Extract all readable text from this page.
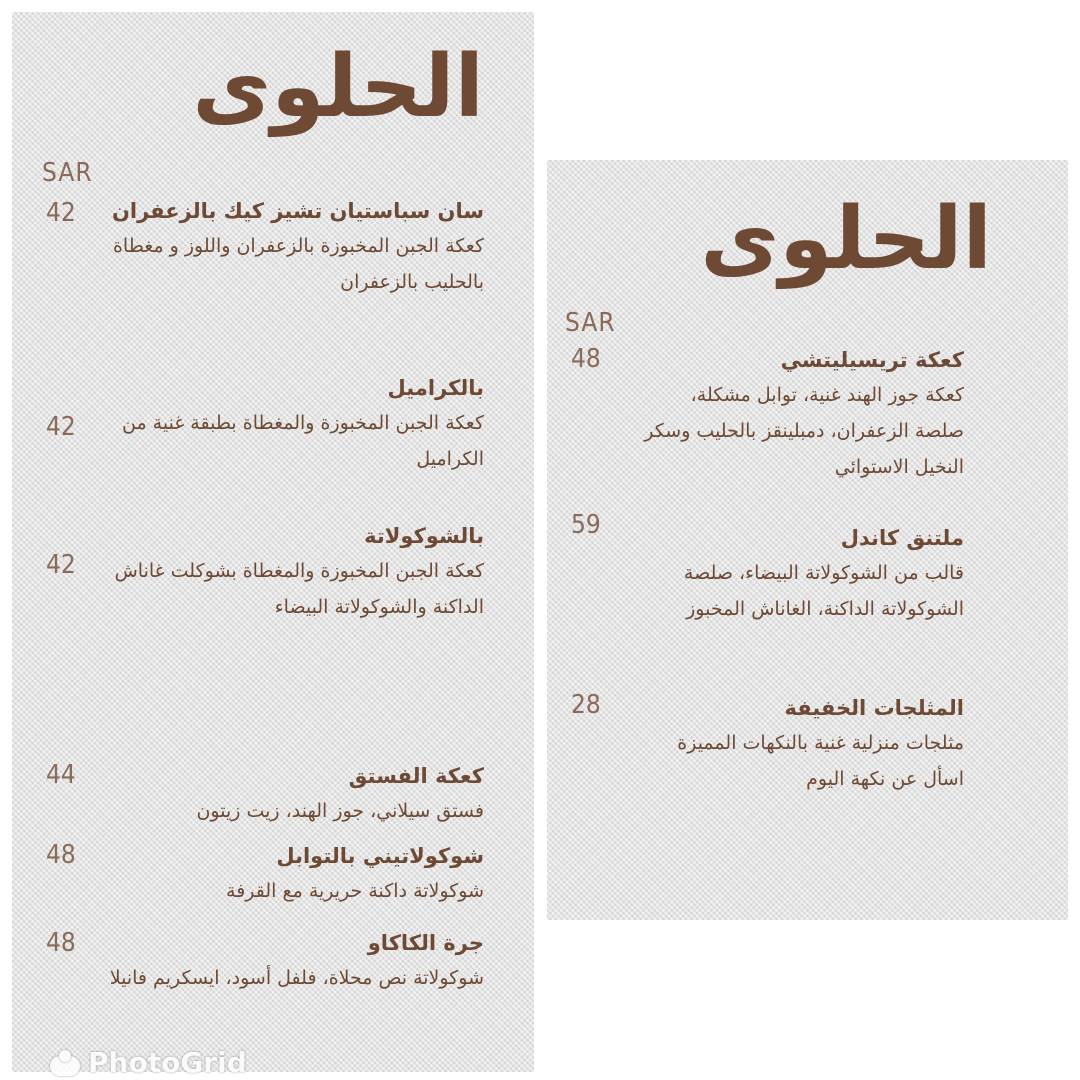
الحلوى
SAR
سان سباستيان تشيز كيك بالزعفران
كعكة الجبن المخبوزة بالزعفران واللوز و مغطاة بالحليب بالزعفران
42
بالكراميل
كعكة الجبن المخبوزة والمغطاة بطبقة غنية من الكراميل
42
بالشوكولاتة
كعكة الجبن المخبوزة والمغطاة بشوكلت غاناش الداكنة والشوكولاتة البيضاء
42
كعكة الفستق
فستق سيلاني، جوز الهند، زيت زيتون
44
شوكولاتيني بالتوابل
شوكولاتة داكنة حريرية مع القرفة
48
جرة الكاكاو
شوكولاتة نص محلاة، فلفل أسود، ايسكريم فانيلا
48
الحلوى
SAR
كعكة تريسيليتشي
كعكة جوز الهند غنية، توابل مشكلة، صلصة الزعفران، دمبلينقز بالحليب وسكر النخيل الاستوائي
48
ملتنق كاندل
قالب من الشوكولاتة البيضاء، صلصة الشوكولاتة الداكنة، الغاناش المخبوز
59
المثلجات الخفيفة
مثلجات منزلية غنية بالنكهات المميزة اسأل عن نكهة اليوم
28
PhotoGrid
